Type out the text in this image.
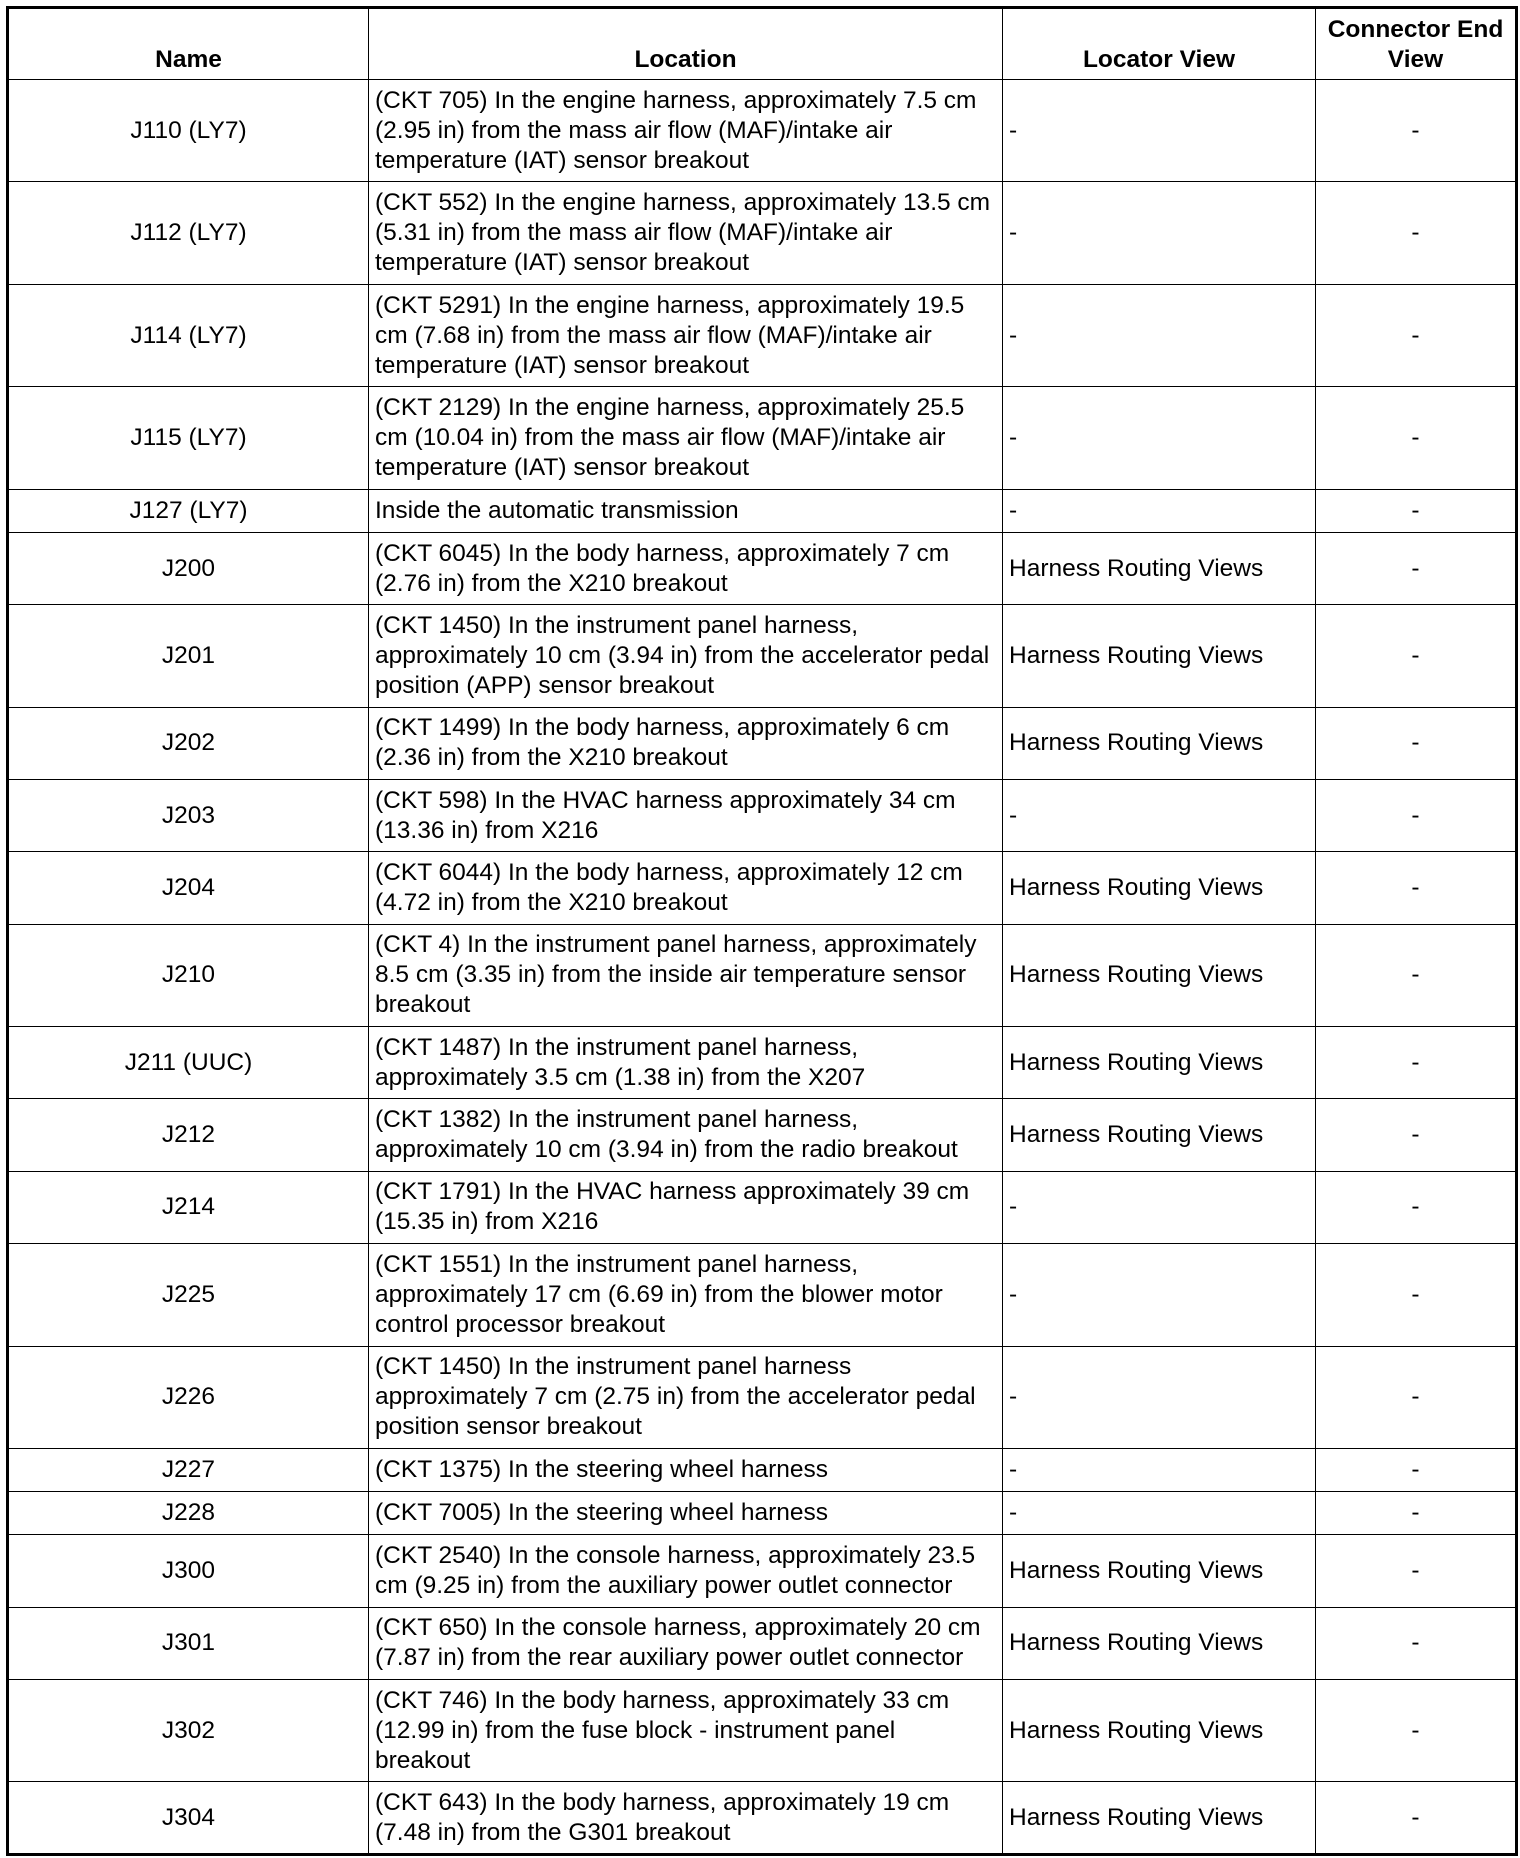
Name	Location	Locator View	Connector End View
J110 (LY7)	(CKT 705) In the engine harness, approximately 7.5 cm (2.95 in) from the mass air flow (MAF)/intake air temperature (IAT) sensor breakout	-	-
J112 (LY7)	(CKT 552) In the engine harness, approximately 13.5 cm (5.31 in) from the mass air flow (MAF)/intake air temperature (IAT) sensor breakout	-	-
J114 (LY7)	(CKT 5291) In the engine harness, approximately 19.5 cm (7.68 in) from the mass air flow (MAF)/intake air temperature (IAT) sensor breakout	-	-
J115 (LY7)	(CKT 2129) In the engine harness, approximately 25.5 cm (10.04 in) from the mass air flow (MAF)/intake air temperature (IAT) sensor breakout	-	-
J127 (LY7)	Inside the automatic transmission	-	-
J200	(CKT 6045) In the body harness, approximately 7 cm (2.76 in) from the X210 breakout	Harness Routing Views	-
J201	(CKT 1450) In the instrument panel harness, approximately 10 cm (3.94 in) from the accelerator pedal position (APP) sensor breakout	Harness Routing Views	-
J202	(CKT 1499) In the body harness, approximately 6 cm (2.36 in) from the X210 breakout	Harness Routing Views	-
J203	(CKT 598) In the HVAC harness approximately 34 cm (13.36 in) from X216	-	-
J204	(CKT 6044) In the body harness, approximately 12 cm (4.72 in) from the X210 breakout	Harness Routing Views	-
J210	(CKT 4) In the instrument panel harness, approximately 8.5 cm (3.35 in) from the inside air temperature sensor breakout	Harness Routing Views	-
J211 (UUC)	(CKT 1487) In the instrument panel harness, approximately 3.5 cm (1.38 in) from the X207	Harness Routing Views	-
J212	(CKT 1382) In the instrument panel harness, approximately 10 cm (3.94 in) from the radio breakout	Harness Routing Views	-
J214	(CKT 1791) In the HVAC harness approximately 39 cm (15.35 in) from X216	-	-
J225	(CKT 1551) In the instrument panel harness, approximately 17 cm (6.69 in) from the blower motor control processor breakout	-	-
J226	(CKT 1450) In the instrument panel harness approximately 7 cm (2.75 in) from the accelerator pedal position sensor breakout	-	-
J227	(CKT 1375) In the steering wheel harness	-	-
J228	(CKT 7005) In the steering wheel harness	-	-
J300	(CKT 2540) In the console harness, approximately 23.5 cm (9.25 in) from the auxiliary power outlet connector	Harness Routing Views	-
J301	(CKT 650) In the console harness, approximately 20 cm (7.87 in) from the rear auxiliary power outlet connector	Harness Routing Views	-
J302	(CKT 746) In the body harness, approximately 33 cm (12.99 in) from the fuse block - instrument panel breakout	Harness Routing Views	-
J304	(CKT 643) In the body harness, approximately 19 cm (7.48 in) from the G301 breakout	Harness Routing Views	-
